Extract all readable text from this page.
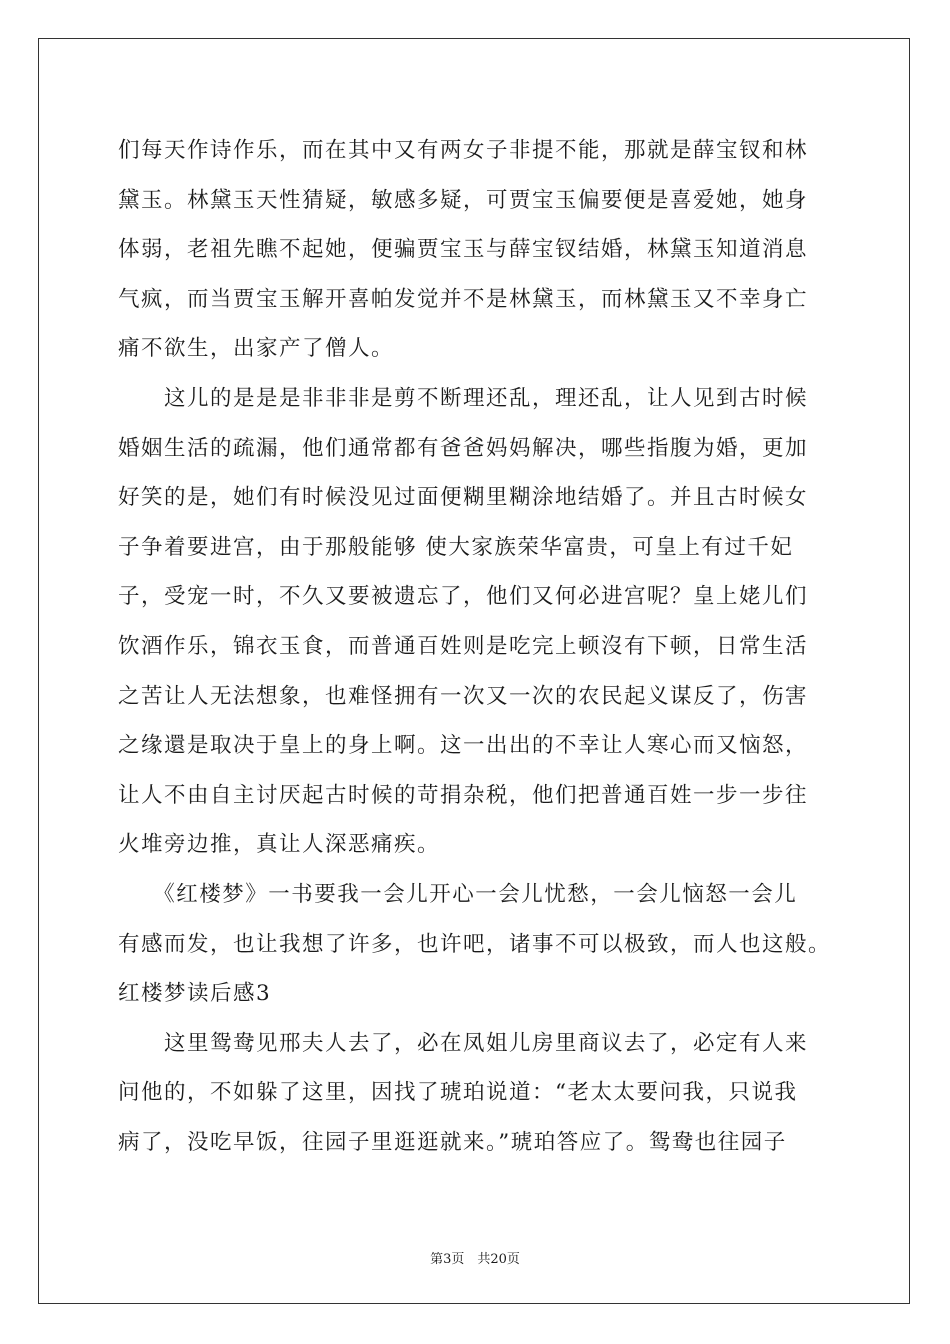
们每天作诗作乐，而在其中又有两女子非提不能，那就是薛宝钗和林
黛玉。林黛玉天性猜疑，敏感多疑，可贾宝玉偏要便是喜爱她，她身
体弱，老祖先瞧不起她，便骗贾宝玉与薛宝钗结婚，林黛玉知道消息
气疯，而当贾宝玉解开喜帕发觉并不是林黛玉，而林黛玉又不幸身亡
痛不欲生，出家产了僧人。
　　这儿的是是是非非非是剪不断理还乱，理还乱，让人见到古时候
婚姻生活的疏漏，他们通常都有爸爸妈妈解决，哪些指腹为婚，更加
好笑的是，她们有时候没见过面便糊里糊涂地结婚了。并且古时候女
子争着要进宫，由于那般能够 使大家族荣华富贵，可皇上有过千妃
子，受宠一时，不久又要被遗忘了，他们又何必进宫呢？皇上姥儿们
饮酒作乐，锦衣玉食，而普通百姓则是吃完上顿沒有下顿，日常生活
之苦让人无法想象，也难怪拥有一次又一次的农民起义谋反了，伤害
之缘還是取决于皇上的身上啊。这一出出的不幸让人寒心而又恼怒，
让人不由自主讨厌起古时候的苛捐杂税，他们把普通百姓一步一步往
火堆旁边推，真让人深恶痛疾。
　　《红楼梦》一书要我一会儿开心一会儿忧愁，一会儿恼怒一会儿
有感而发，也让我想了许多，也许吧，诸事不可以极致，而人也这般。
红楼梦读后感3
　　这里鸳鸯见邢夫人去了，必在凤姐儿房里商议去了，必定有人来
问他的，不如躲了这里，因找了琥珀说道：“老太太要问我，只说我
病了，没吃早饭，往园子里逛逛就来。”琥珀答应了。鸳鸯也往园子
第3页　共20页
